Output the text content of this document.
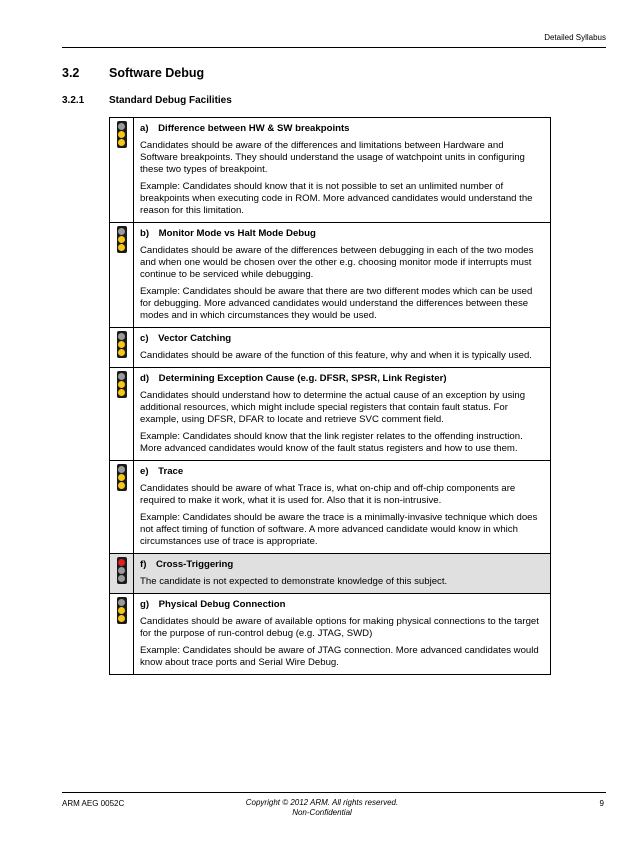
Detailed Syllabus
3.2 Software Debug
3.2.1 Standard Debug Facilities
a) Difference between HW & SW breakpoints
Candidates should be aware of the differences and limitations between Hardware and Software breakpoints. They should understand the usage of watchpoint units in configuring these two types of breakpoint.
Example: Candidates should know that it is not possible to set an unlimited number of breakpoints when executing code in ROM. More advanced candidates would understand the reason for this limitation.
b) Monitor Mode vs Halt Mode Debug
Candidates should be aware of the differences between debugging in each of the two modes and when one would be chosen over the other e.g. choosing monitor mode if interrupts must continue to be serviced while debugging.
Example: Candidates should be aware that there are two different modes which can be used for debugging. More advanced candidates would understand the differences between these modes and in which circumstances they would be used.
c) Vector Catching
Candidates should be aware of the function of this feature, why and when it is typically used.
d) Determining Exception Cause (e.g. DFSR, SPSR, Link Register)
Candidates should understand how to determine the actual cause of an exception by using additional resources, which might include special registers that contain fault status. For example, using DFSR, DFAR to locate and retrieve SVC comment field.
Example: Candidates should know that the link register relates to the offending instruction. More advanced candidates would know of the fault status registers and how to use them.
e) Trace
Candidates should be aware of what Trace is, what on-chip and off-chip components are required to make it work, what it is used for. Also that it is non-intrusive.
Example: Candidates should be aware the trace is a minimally-invasive technique which does not affect timing of function of software. A more advanced candidate would know in which circumstances use of trace is appropriate.
f) Cross-Triggering
The candidate is not expected to demonstrate knowledge of this subject.
g) Physical Debug Connection
Candidates should be aware of available options for making physical connections to the target for the purpose of run-control debug (e.g. JTAG, SWD)
Example: Candidates should be aware of JTAG connection. More advanced candidates would know about trace ports and Serial Wire Debug.
ARM AEG 0052C	Copyright © 2012 ARM. All rights reserved.
Non-Confidential
9
